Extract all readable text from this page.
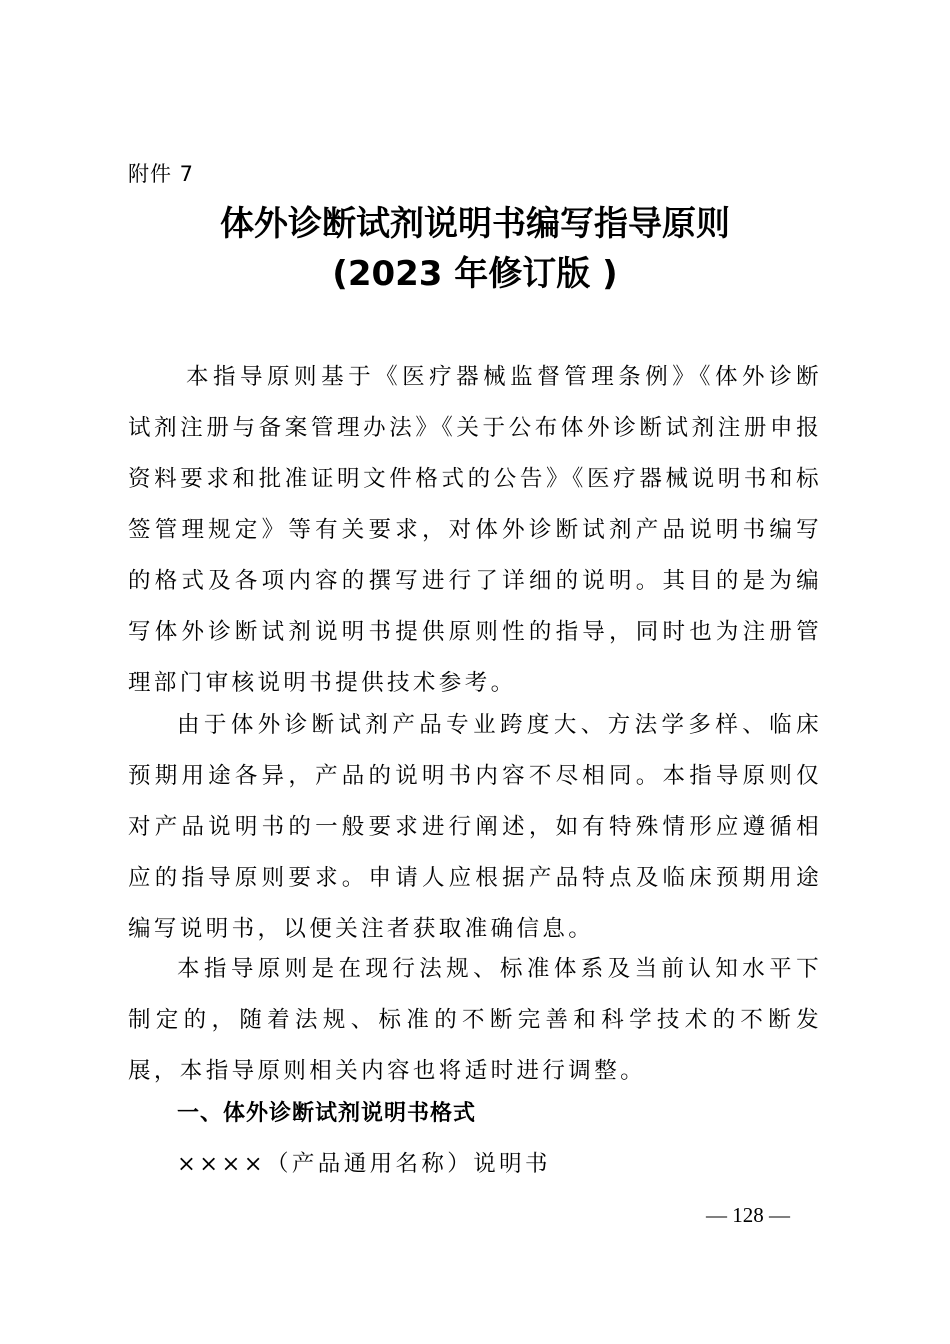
附件 7
体外诊断试剂说明书编写指导原则
(2023 年修订版 )

本指导原则基于《医疗器械监督管理条例》《体外诊断试剂注册与备案管理办法》《关于公布体外诊断试剂注册申报资料要求和批准证明文件格式的公告》《医疗器械说明书和标签管理规定》等有关要求，对体外诊断试剂产品说明书编写的格式及各项内容的撰写进行了详细的说明。其目的是为编写体外诊断试剂说明书提供原则性的指导，同时也为注册管理部门审核说明书提供技术参考。

由于体外诊断试剂产品专业跨度大、方法学多样、临床预期用途各异，产品的说明书内容不尽相同。本指导原则仅对产品说明书的一般要求进行阐述，如有特殊情形应遵循相应的指导原则要求。申请人应根据产品特点及临床预期用途编写说明书，以便关注者获取准确信息。

本指导原则是在现行法规、标准体系及当前认知水平下制定的，随着法规、标准的不断完善和科学技术的不断发展，本指导原则相关内容也将适时进行调整。

一、体外诊断试剂说明书格式
××××（产品通用名称）说明书
— 128 —
